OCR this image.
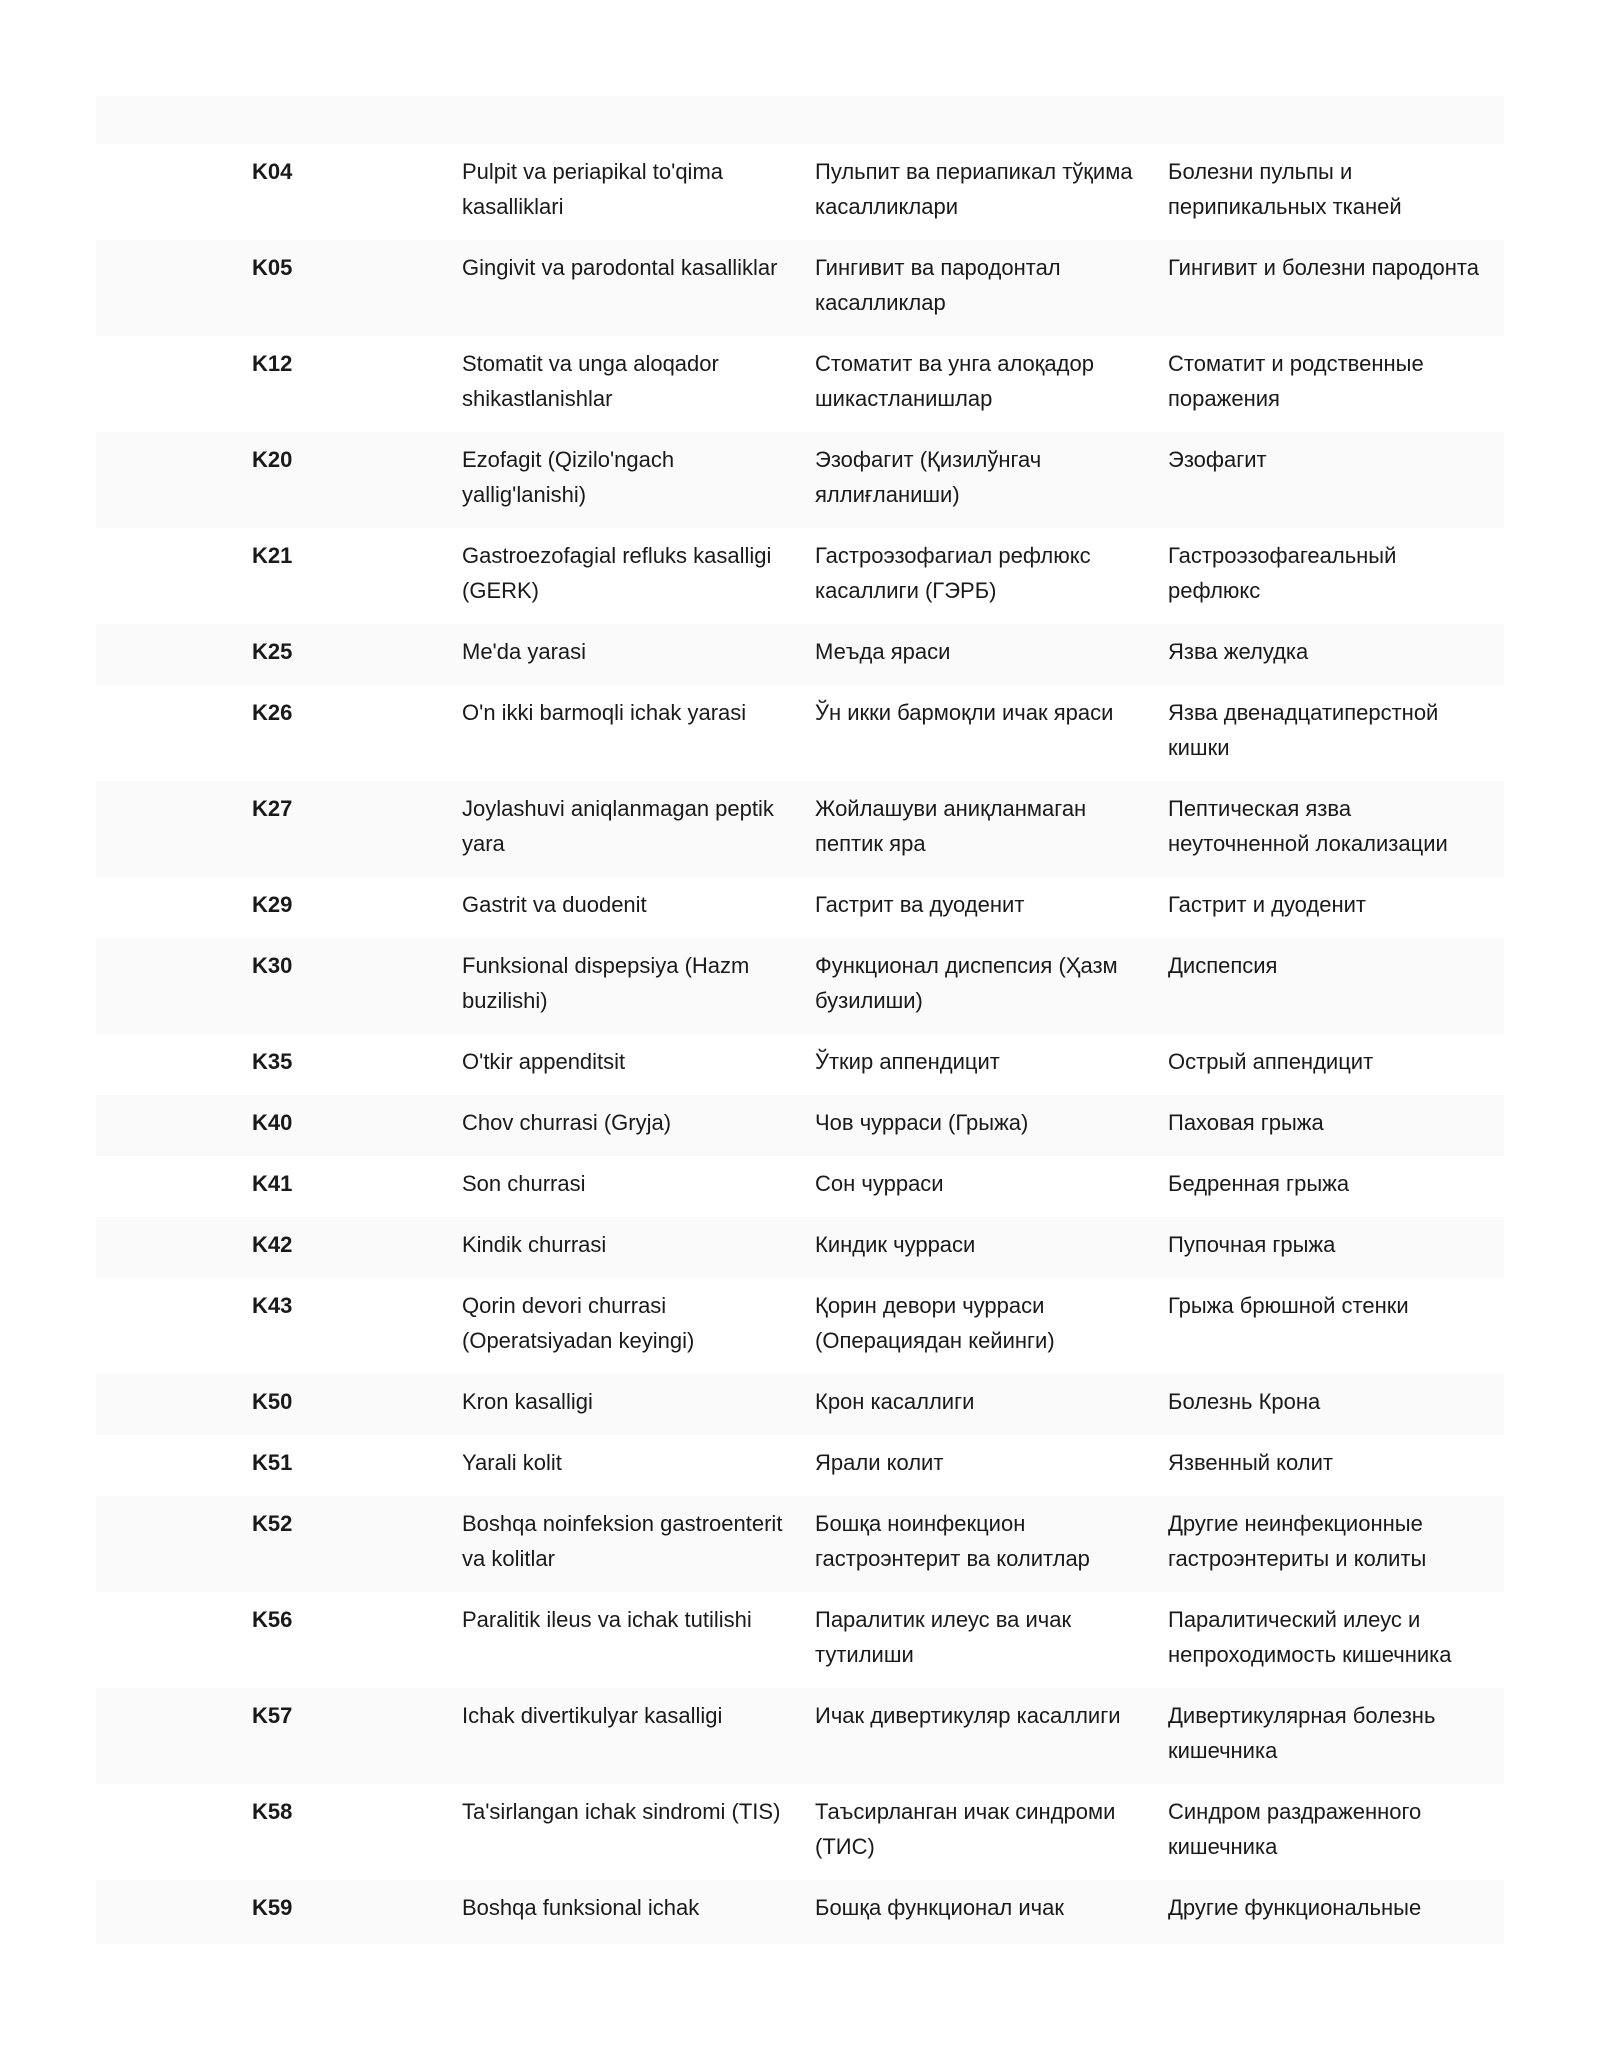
	K04	Pulpit va periapikal to'qima kasalliklari	Пульпит ва периапикал тўқима касалликлари	Болезни пульпы и перипикальных тканей
	K05	Gingivit va parodontal kasalliklar	Гингивит ва пародонтал касалликлар	Гингивит и болезни пародонта
	K12	Stomatit va unga aloqador shikastlanishlar	Стоматит ва унга алоқадор шикастланишлар	Стоматит и родственные поражения
	K20	Ezofagit (Qizilo'ngach yallig'lanishi)	Эзофагит (Қизилўнгач яллиғланиши)	Эзофагит
	K21	Gastroezofagial refluks kasalligi (GERK)	Гастроэзофагиал рефлюкс касаллиги (ГЭРБ)	Гастроэзофагеальный рефлюкс
	K25	Me'da yarasi	Меъда яраси	Язва желудка
	K26	O'n ikki barmoqli ichak yarasi	Ўн икки бармоқли ичак яраси	Язва двенадцатиперстной кишки
	K27	Joylashuvi aniqlanmagan peptik yara	Жойлашуви аниқланмаган пептик яра	Пептическая язва неуточненной локализации
	K29	Gastrit va duodenit	Гастрит ва дуоденит	Гастрит и дуоденит
	K30	Funksional dispepsiya (Hazm buzilishi)	Функционал диспепсия (Ҳазм бузилиши)	Диспепсия
	K35	O'tkir appenditsit	Ўткир аппендицит	Острый аппендицит
	K40	Chov churrasi (Gryja)	Чов чурраси (Грыжа)	Паховая грыжа
	K41	Son churrasi	Сон чурраси	Бедренная грыжа
	K42	Kindik churrasi	Киндик чурраси	Пупочная грыжа
	K43	Qorin devori churrasi (Operatsiyadan keyingi)	Қорин девори чурраси (Операциядан кейинги)	Грыжа брюшной стенки
	K50	Kron kasalligi	Крон касаллиги	Болезнь Крона
	K51	Yarali kolit	Ярали колит	Язвенный колит
	K52	Boshqa noinfeksion gastroenterit va kolitlar	Бошқа ноинфекцион гастроэнтерит ва колитлар	Другие неинфекционные гастроэнтериты и колиты
	K56	Paralitik ileus va ichak tutilishi	Паралитик илеус ва ичак тутилиши	Паралитический илеус и непроходимость кишечника
	K57	Ichak divertikulyar kasalligi	Ичак дивертикуляр касаллиги	Дивертикулярная болезнь кишечника
	K58	Ta'sirlangan ichak sindromi (TIS)	Таъсирланган ичак синдроми (ТИС)	Синдром раздраженного кишечника
	K59	Boshqa funksional ichak	Бошқа функционал ичак	Другие функциональные
